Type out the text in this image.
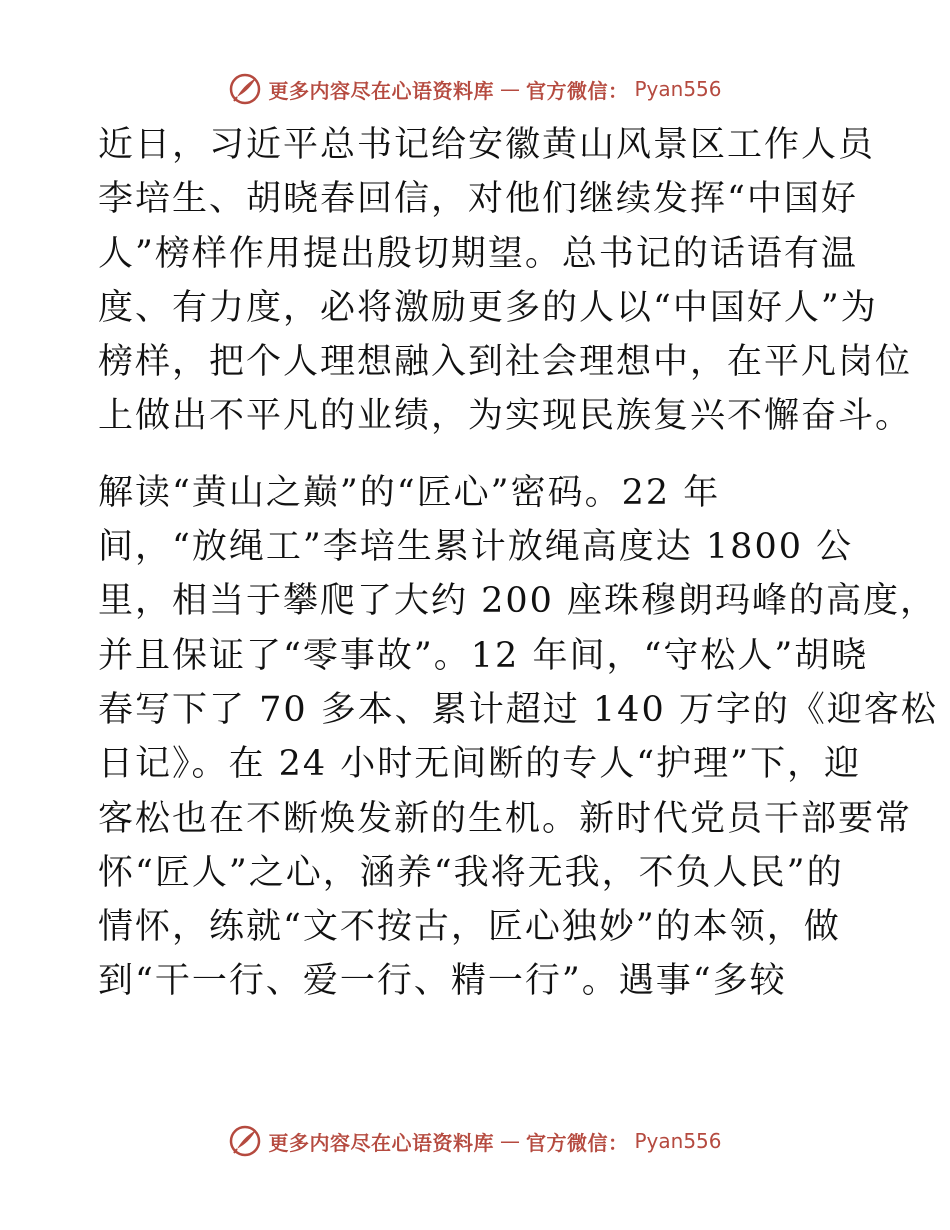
更多内容尽在心语资料库 — 官方微信： Pyan556
近日，习近平总书记给安徽黄山风景区工作人员
李培生、胡晓春回信，对他们继续发挥“中国好
人”榜样作用提出殷切期望。总书记的话语有温
度、有力度，必将激励更多的人以“中国好人”为
榜样，把个人理想融入到社会理想中，在平凡岗位
上做出不平凡的业绩，为实现民族复兴不懈奋斗。
解读“黄山之巅”的“匠心”密码。22 年
间，“放绳工”李培生累计放绳高度达 1800 公
里，相当于攀爬了大约 200 座珠穆朗玛峰的高度，
并且保证了“零事故”。12 年间，“守松人”胡晓
春写下了 70 多本、累计超过 140 万字的《迎客松
日记》。在 24 小时无间断的专人“护理”下，迎
客松也在不断焕发新的生机。新时代党员干部要常
怀“匠人”之心，涵养“我将无我，不负人民”的
情怀，练就“文不按古，匠心独妙”的本领，做
到“干一行、爱一行、精一行”。遇事“多较
更多内容尽在心语资料库 — 官方微信： Pyan556
